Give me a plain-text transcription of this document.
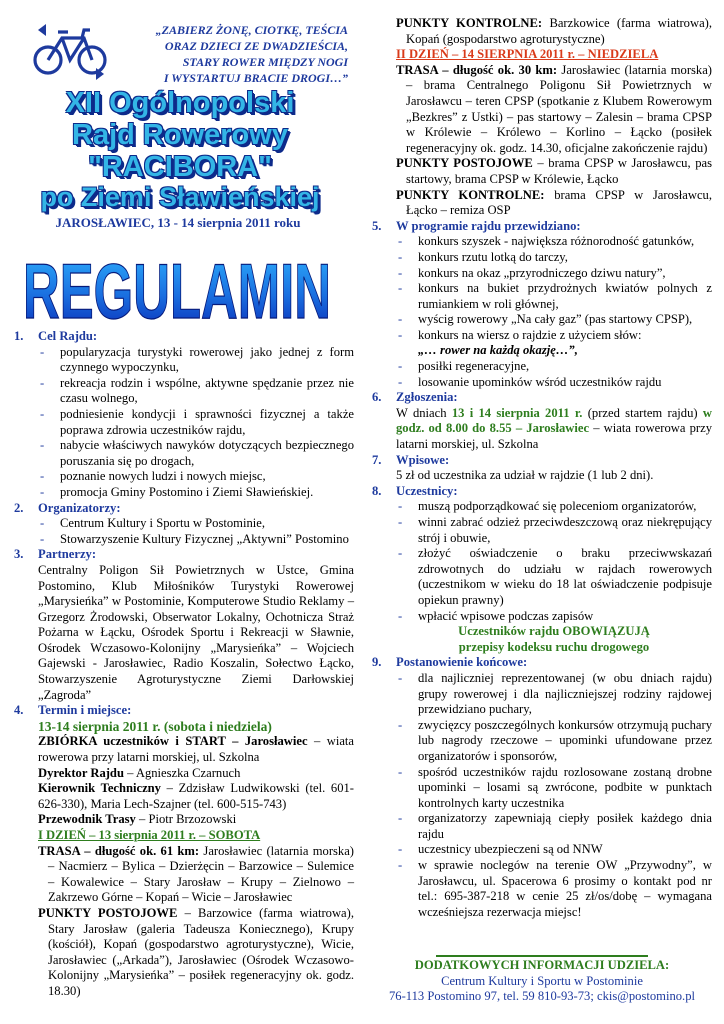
„ZABIERZ ŻONĘ, CIOTKĘ, TEŚCIA
ORAZ DZIECI ZE DWADZIEŚCIA,
STARY ROWER MIĘDZY NOGI
I WYSTARTUJ BRACIE DROGI…”
XII Ogólnopolski
Rajd Rowerowy
"RACIBORA"
po Ziemi Sławieńskiej
JAROSŁAWIEC, 13 - 14 sierpnia 2011 roku
REGULAMIN
1.	Cel Rajdu:
- popularyzacja turystyki rowerowej jako jednej z form czynnego wypoczynku,
- rekreacja rodzin i wspólne, aktywne spędzanie przez nie czasu wolnego,
- podniesienie kondycji i sprawności fizycznej a także poprawa zdrowia uczestników rajdu,
- nabycie właściwych nawyków dotyczących bezpiecznego poruszania się po drogach,
- poznanie nowych ludzi i nowych miejsc,
- promocja Gminy Postomino i Ziemi Sławieńskiej.
2.	Organizatorzy:
- Centrum Kultury i Sportu w Postominie,
- Stowarzyszenie Kultury Fizycznej „Aktywni” Postomino
3.	Partnerzy:
Centralny Poligon Sił Powietrznych w Ustce, Gmina Postomino, Klub Miłośników Turystyki Rowerowej „Marysieńka” w Postominie, Komputerowe Studio Reklamy – Grzegorz Żrodowski, Obserwator Lokalny, Ochotnicza Straż Pożarna w Łącku, Ośrodek Sportu i Rekreacji w Sławnie, Ośrodek Wczasowo-Kolonijny „Marysieńka” – Wojciech Gajewski - Jarosławiec, Radio Koszalin, Sołectwo Łącko, Stowarzyszenie Agroturystyczne Ziemi Darłowskiej „Zagroda”
4.	Termin i miejsce:
13-14 sierpnia 2011 r. (sobota i niedziela)
ZBIÓRKA uczestników i START – Jarosławiec – wiata rowerowa przy latarni morskiej, ul. Szkolna
Dyrektor Rajdu – Agnieszka Czarnuch
Kierownik Techniczny – Zdzisław Ludwikowski (tel. 601-626-330), Maria Lech-Szajner (tel. 600-515-743)
Przewodnik Trasy – Piotr Brzozowski
I DZIEŃ – 13 sierpnia 2011 r. – SOBOTA
TRASA – długość ok. 61 km: Jarosławiec (latarnia morska) – Nacmierz – Bylica – Dzierżęcin – Barzowice – Sulemice – Kowalewice – Stary Jarosław – Krupy – Zielnowo – Zakrzewo Górne – Kopań – Wicie – Jarosławiec
PUNKTY POSTOJOWE – Barzowice (farma wiatrowa), Stary Jarosław (galeria Tadeusza Koniecznego), Krupy (kościół), Kopań (gospodarstwo agroturystyczne), Wicie, Jarosławiec („Arkada”), Jarosławiec (Ośrodek Wczasowo-Kolonijny „Marysieńka” – posiłek regeneracyjny ok. godz. 18.30)
PUNKTY KONTROLNE: Barzkowice (farma wiatrowa), Kopań (gospodarstwo agroturystyczne)
II DZIEŃ – 14 SIERPNIA 2011 r. – NIEDZIELA
TRASA – długość ok. 30 km: Jarosławiec (latarnia morska) – brama Centralnego Poligonu Sił Powietrznych w Jarosławcu – teren CPSP (spotkanie z Klubem Rowerowym „Bezkres” z Ustki) – pas startowy – Zalesin – brama CPSP w Królewie – Królewo – Korlino – Łącko (posiłek regeneracyjny ok. godz. 14.30, oficjalne zakończenie rajdu)
PUNKTY POSTOJOWE – brama CPSP w Jarosławcu, pas startowy, brama CPSP w Królewie, Łącko
PUNKTY KONTROLNE: brama CPSP w Jarosławcu, Łącko – remiza OSP
5.	W programie rajdu przewidziano:
- konkurs szyszek - największa różnorodność gatunków,
- konkurs rzutu lotką do tarczy,
- konkurs na okaz „przyrodniczego dziwu natury”,
- konkurs na bukiet przydrożnych kwiatów polnych z rumiankiem w roli głównej,
- wyścig rowerowy „Na cały gaz” (pas startowy CPSP),
- konkurs na wiersz o rajdzie z użyciem słów:
„… rower na każdą okazję…”,
- posiłki regeneracyjne,
- losowanie upominków wśród uczestników rajdu
6.	Zgłoszenia:
W dniach 13 i 14 sierpnia 2011 r. (przed startem rajdu) w godz. od 8.00 do 8.55 – Jarosławiec – wiata rowerowa przy latarni morskiej, ul. Szkolna
7.	Wpisowe:
5 zł od uczestnika za udział w rajdzie (1 lub 2 dni).
8.	Uczestnicy:
- muszą podporządkować się poleceniom organizatorów,
- winni zabrać odzież przeciwdeszczową oraz niekrępujący strój i obuwie,
- złożyć oświadczenie o braku przeciwwskazań zdrowotnych do udziału w rajdach rowerowych (uczestnikom w wieku do 18 lat oświadczenie podpisuje opiekun prawny)
- wpłacić wpisowe podczas zapisów
Uczestników rajdu OBOWIĄZUJĄ
przepisy kodeksu ruchu drogowego
9.	Postanowienie końcowe:
- dla najliczniej reprezentowanej (w obu dniach rajdu) grupy rowerowej i dla najliczniejszej rodziny rajdowej przewidziano puchary,
- zwycięzcy poszczególnych konkursów otrzymują puchary lub nagrody rzeczowe – upominki ufundowane przez organizatorów i sponsorów,
- spośród uczestników rajdu rozlosowane zostaną drobne upominki – losami są zwrócone, podbite w punktach kontrolnych karty uczestnika
- organizatorzy zapewniają ciepły posiłek każdego dnia rajdu
- uczestnicy ubezpieczeni są od NNW
- w sprawie noclegów na terenie OW „Przywodny”, w Jarosławcu, ul. Spacerowa 6 prosimy o kontakt pod nr tel.: 695-387-218 w cenie 25 zł/os/dobę – wymagana wcześniejsza rezerwacja miejsc!
DODATKOWYCH INFORMACJI UDZIELA:
Centrum Kultury i Sportu w Postominie
76-113 Postomino 97, tel. 59 810-93-73; ckis@postomino.pl
